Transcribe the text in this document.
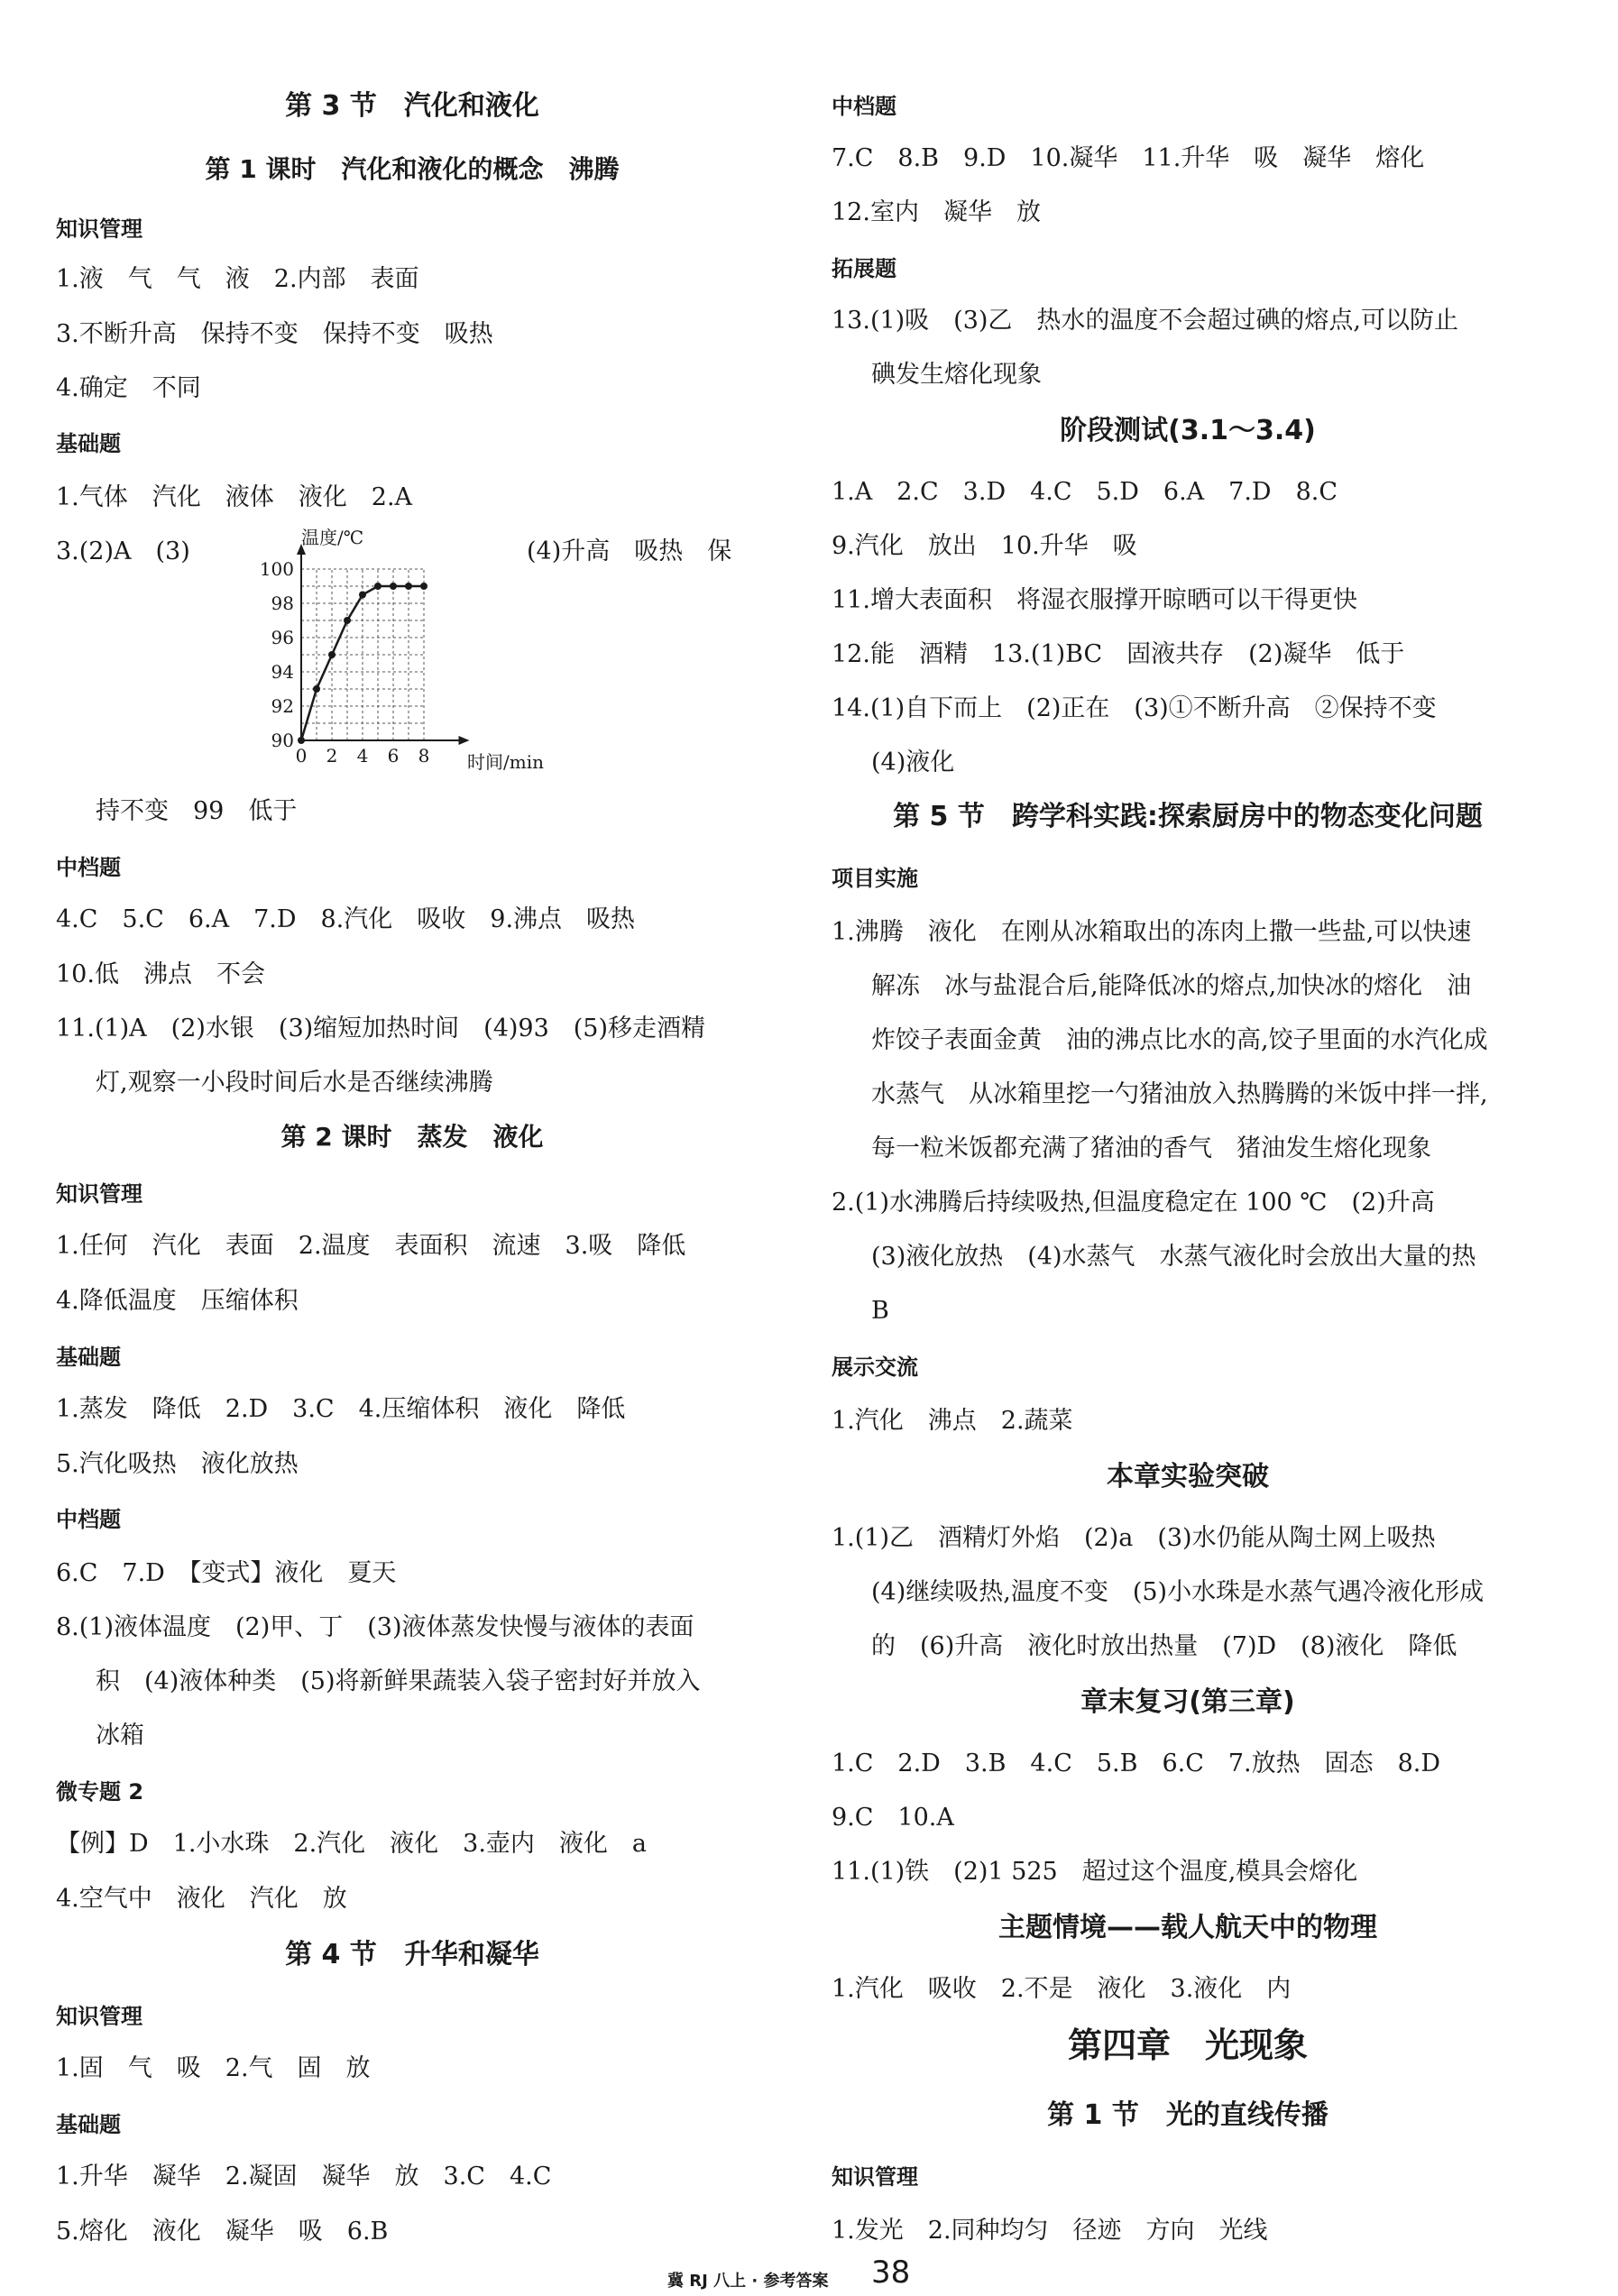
第 3 节　汽化和液化
第 1 课时　汽化和液化的概念　沸腾
知识管理
1.液　气　气　液　2.内部　表面
3.不断升高　保持不变　保持不变　吸热
4.确定　不同
基础题
1.气体　汽化　液体　液化　2.A
3.(2)A　(3)	(4)升高　吸热　保
持不变　99　低于
中档题
4.C　5.C　6.A　7.D　8.汽化　吸收　9.沸点　吸热
10.低　沸点　不会
11.(1)A　(2)水银　(3)缩短加热时间　(4)93　(5)移走酒精
灯,观察一小段时间后水是否继续沸腾
第 2 课时　蒸发　液化
知识管理
1.任何　汽化　表面　2.温度　表面积　流速　3.吸　降低
4.降低温度　压缩体积
基础题
1.蒸发　降低　2.D　3.C　4.压缩体积　液化　降低
5.汽化吸热　液化放热
中档题
6.C　7.D　【变式】液化　夏天
8.(1)液体温度　(2)甲、丁　(3)液体蒸发快慢与液体的表面
积　(4)液体种类　(5)将新鲜果蔬装入袋子密封好并放入
冰箱
微专题 2
【例】D　1.小水珠　2.汽化　液化　3.壶内　液化　a
4.空气中　液化　汽化　放
第 4 节　升华和凝华
知识管理
1.固　气　吸　2.气　固　放
基础题
1.升华　凝华　2.凝固　凝华　放　3.C　4.C
5.熔化　液化　凝华　吸　6.B
90
92
94
96
98
100
0 2 4 6 8
温度/℃
时间/min
中档题
7.C　8.B　9.D　10.凝华　11.升华　吸　凝华　熔化
12.室内　凝华　放
拓展题
13.(1)吸　(3)乙　热水的温度不会超过碘的熔点,可以防止
碘发生熔化现象
阶段测试(3.1～3.4)
1.A　2.C　3.D　4.C　5.D　6.A　7.D　8.C
9.汽化　放出　10.升华　吸
11.增大表面积　将湿衣服撑开晾晒可以干得更快
12.能　酒精　13.(1)BC　固液共存　(2)凝华　低于
14.(1)自下而上　(2)正在　(3)①不断升高　②保持不变
(4)液化
第 5 节　跨学科实践:探索厨房中的物态变化问题
项目实施
1.沸腾　液化　在刚从冰箱取出的冻肉上撒一些盐,可以快速
解冻　冰与盐混合后,能降低冰的熔点,加快冰的熔化　油
炸饺子表面金黄　油的沸点比水的高,饺子里面的水汽化成
水蒸气　从冰箱里挖一勺猪油放入热腾腾的米饭中拌一拌,
每一粒米饭都充满了猪油的香气　猪油发生熔化现象
2.(1)水沸腾后持续吸热,但温度稳定在 100 ℃　(2)升高
(3)液化放热　(4)水蒸气　水蒸气液化时会放出大量的热
B
展示交流
1.汽化　沸点　2.蔬菜
本章实验突破
1.(1)乙　酒精灯外焰　(2)a　(3)水仍能从陶土网上吸热
(4)继续吸热,温度不变　(5)小水珠是水蒸气遇冷液化形成
的　(6)升高　液化时放出热量　(7)D　(8)液化　降低
章末复习(第三章)
1.C　2.D　3.B　4.C　5.B　6.C　7.放热　固态　8.D
9.C　10.A
11.(1)铁　(2)1 525　超过这个温度,模具会熔化
主题情境——载人航天中的物理
1.汽化　吸收　2.不是　液化　3.液化　内
第四章　光现象
第 1 节　光的直线传播
知识管理
1.发光　2.同种均匀　径迹　方向　光线
冀 RJ 八上 · 参考答案 38
